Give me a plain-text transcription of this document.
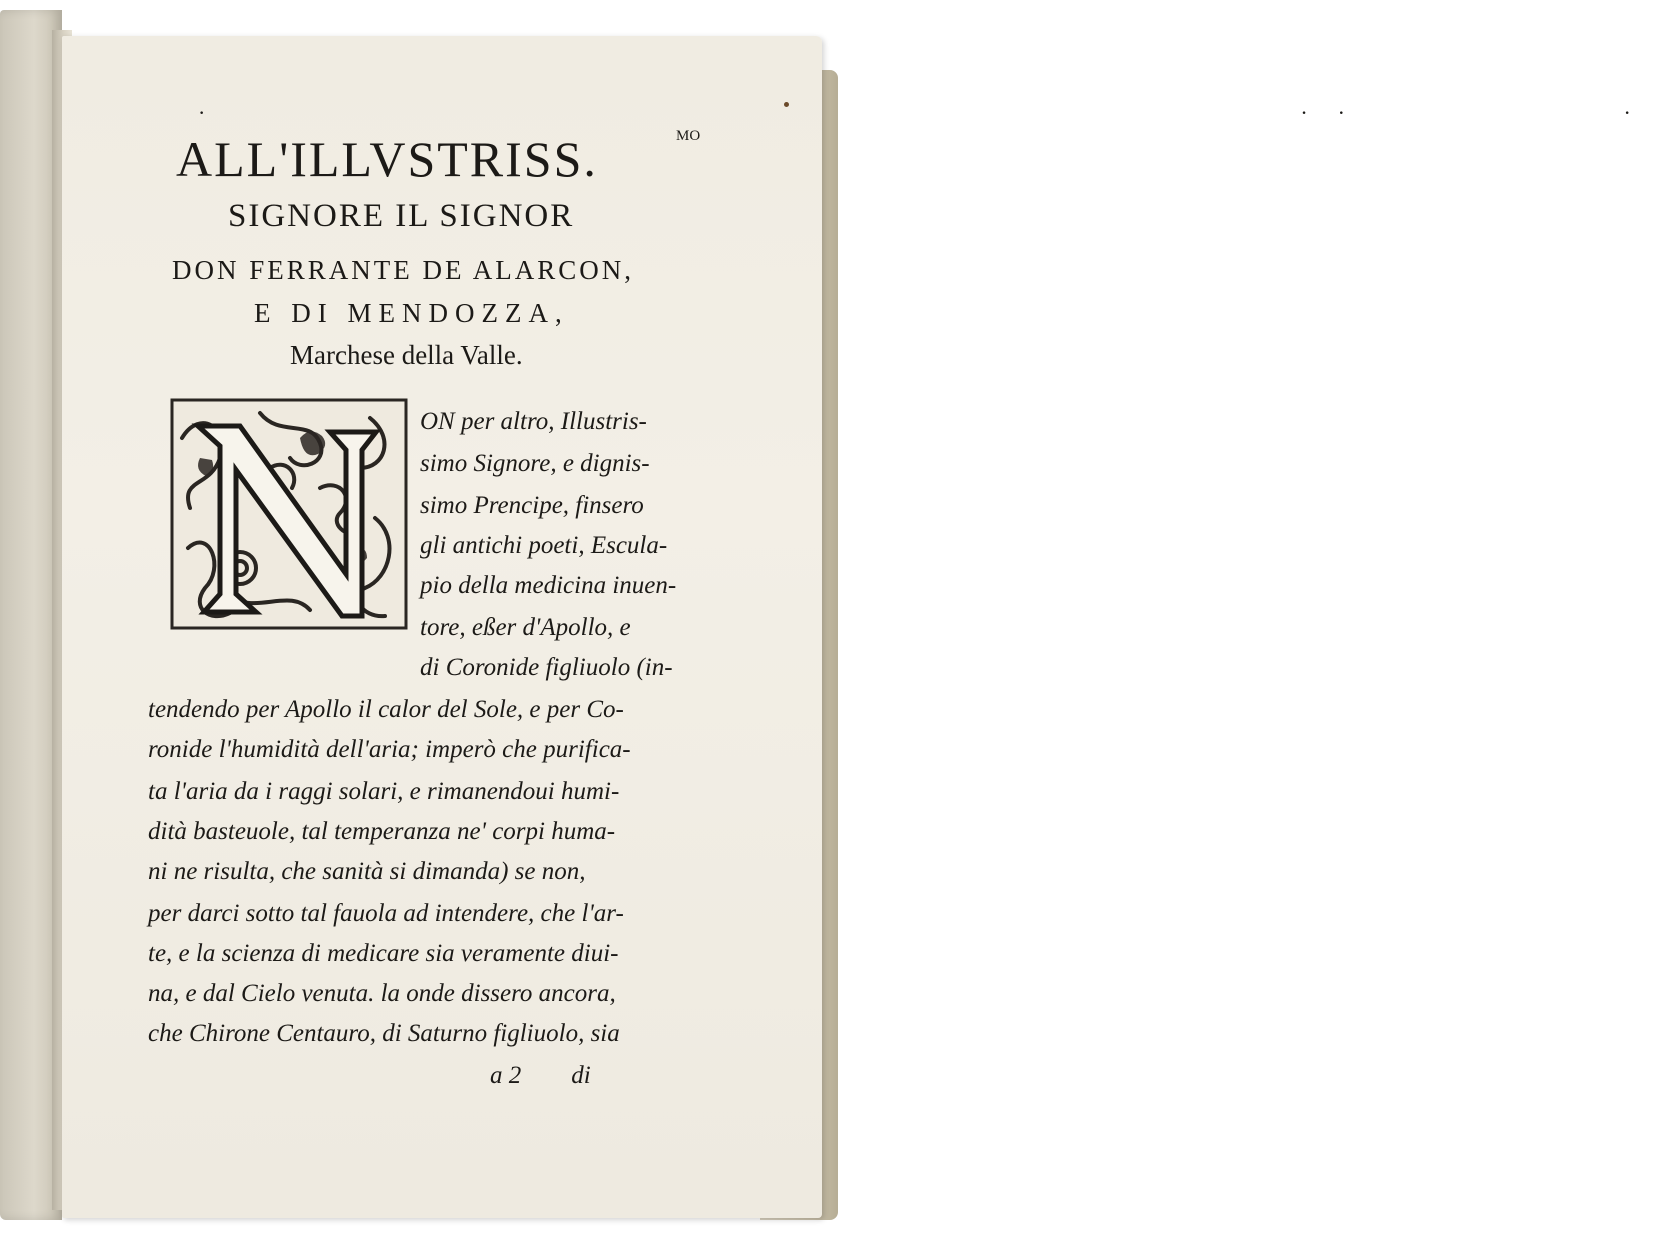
·                              ··       ·
ALL'ILLVSTRISS.	MO
SIGNORE IL SIGNOR
DON FERRANTE DE ALARCON,
E DI MENDOZZA,
Marchese della Valle.
ON per altro, Illustris-
simo Signore, e dignis-
simo Prencipe, finsero
gli antichi poeti, Escula-
pio della medicina inuen-
tore, eßer d'Apollo, e
di Coronide figliuolo (in-
tendendo per Apollo il calor del Sole, e per Co-
ronide l'humidità dell'aria; imperò che purifica-
ta l'aria da i raggi solari, e rimanendoui humi-
dità basteuole, tal temperanza ne' corpi huma-
ni ne risulta, che sanità si dimanda) se non,
per darci sotto tal fauola ad intendere, che l'ar-
te, e la scienza di medicare sia veramente diui-
na, e dal Cielo venuta. la onde dissero ancora,
che Chirone Centauro, di Saturno figliuolo, sia
a 2        di
